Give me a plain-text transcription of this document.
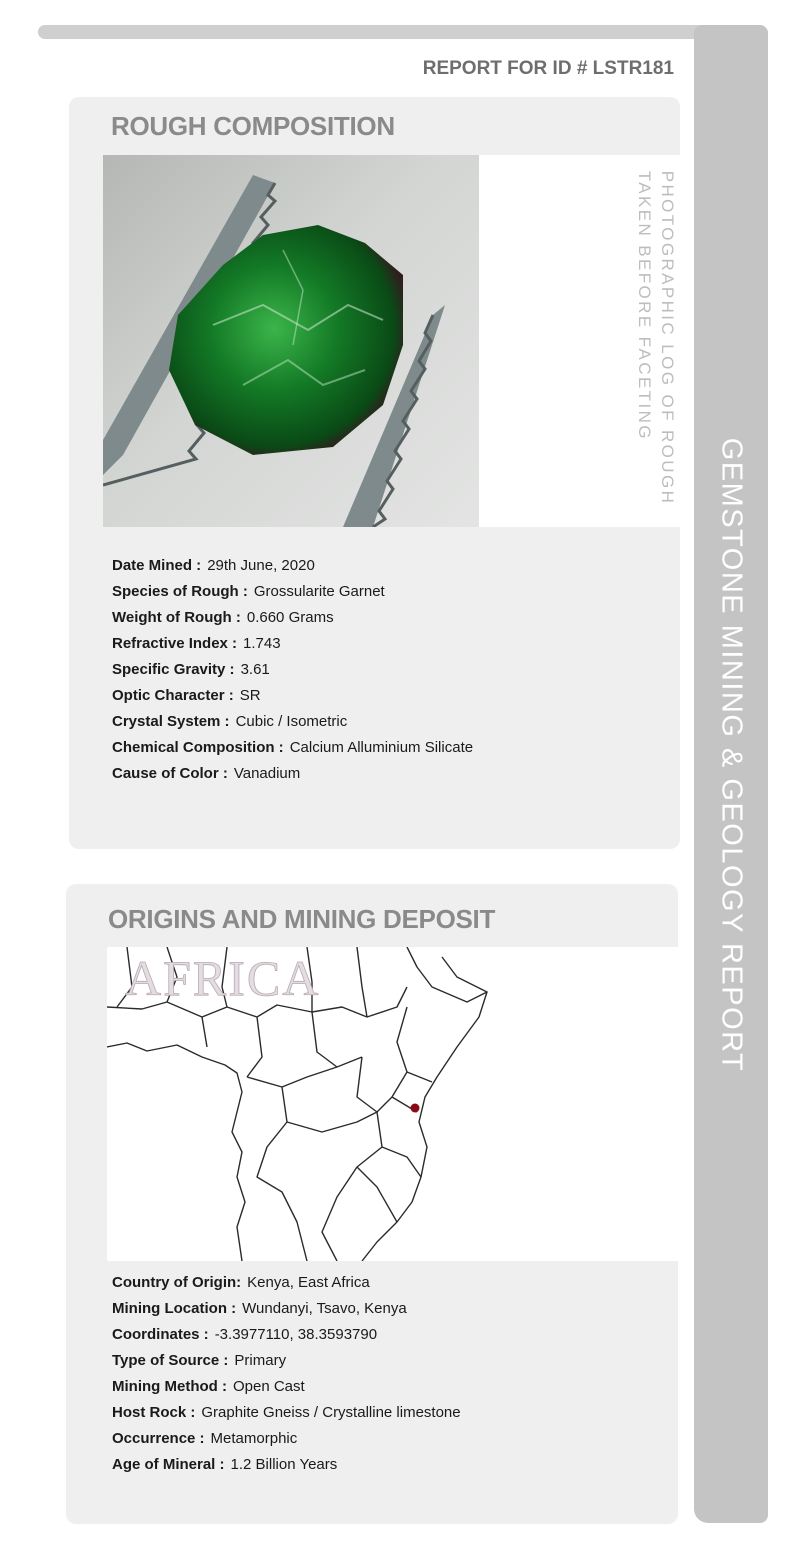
GEMSTONE MINING & GEOLOGY REPORT
REPORT FOR ID # LSTR181
ROUGH COMPOSITION
PHOTOGRAPHIC LOG OF ROUGH
TAKEN BEFORE FACETING
Date Mined : 29th June, 2020
Species of Rough : Grossularite Garnet
Weight of Rough : 0.660 Grams
Refractive Index : 1.743
Specific Gravity : 3.61
Optic Character : SR
Crystal System : Cubic / Isometric
Chemical Composition : Calcium Alluminium Silicate
Cause of Color : Vanadium
ORIGINS AND MINING DEPOSIT
AFRICA
Country of Origin: Kenya, East Africa
Mining Location : Wundanyi, Tsavo, Kenya
Coordinates : -3.3977110, 38.3593790
Type of Source : Primary
Mining Method : Open Cast
Host Rock : Graphite Gneiss / Crystalline limestone
Occurrence : Metamorphic
Age of Mineral : 1.2 Billion Years
